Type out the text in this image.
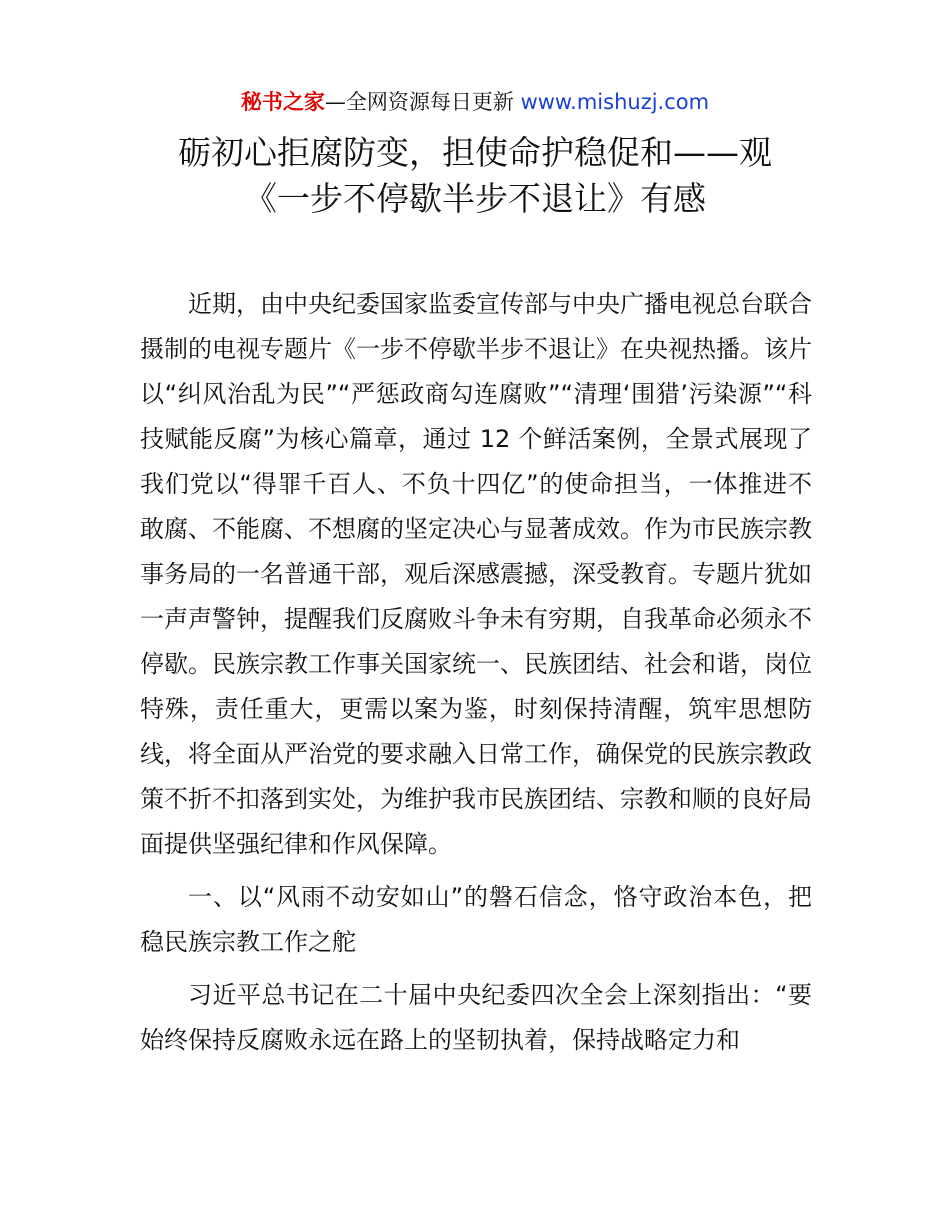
秘书之家—全网资源每日更新 www.mishuzj.com
砺初心拒腐防变，担使命护稳促和——观
《一步不停歇半步不退让》有感

近期，由中央纪委国家监委宣传部与中央广播电视总台联合摄制的电视专题片《一步不停歇半步不退让》在央视热播。该片以“纠风治乱为民”“严惩政商勾连腐败”“清理‘围猎’污染源”“科技赋能反腐”为核心篇章，通过 12 个鲜活案例，全景式展现了我们党以“得罪千百人、不负十四亿”的使命担当，一体推进不敢腐、不能腐、不想腐的坚定决心与显著成效。作为市民族宗教事务局的一名普通干部，观后深感震撼，深受教育。专题片犹如一声声警钟，提醒我们反腐败斗争未有穷期，自我革命必须永不停歇。民族宗教工作事关国家统一、民族团结、社会和谐，岗位特殊，责任重大，更需以案为鉴，时刻保持清醒，筑牢思想防线，将全面从严治党的要求融入日常工作，确保党的民族宗教政策不折不扣落到实处，为维护我市民族团结、宗教和顺的良好局面提供坚强纪律和作风保障。

一、以“风雨不动安如山”的磐石信念，恪守政治本色，把稳民族宗教工作之舵

习近平总书记在二十届中央纪委四次全会上深刻指出：“要始终保持反腐败永远在路上的坚韧执着，保持战略定力和
